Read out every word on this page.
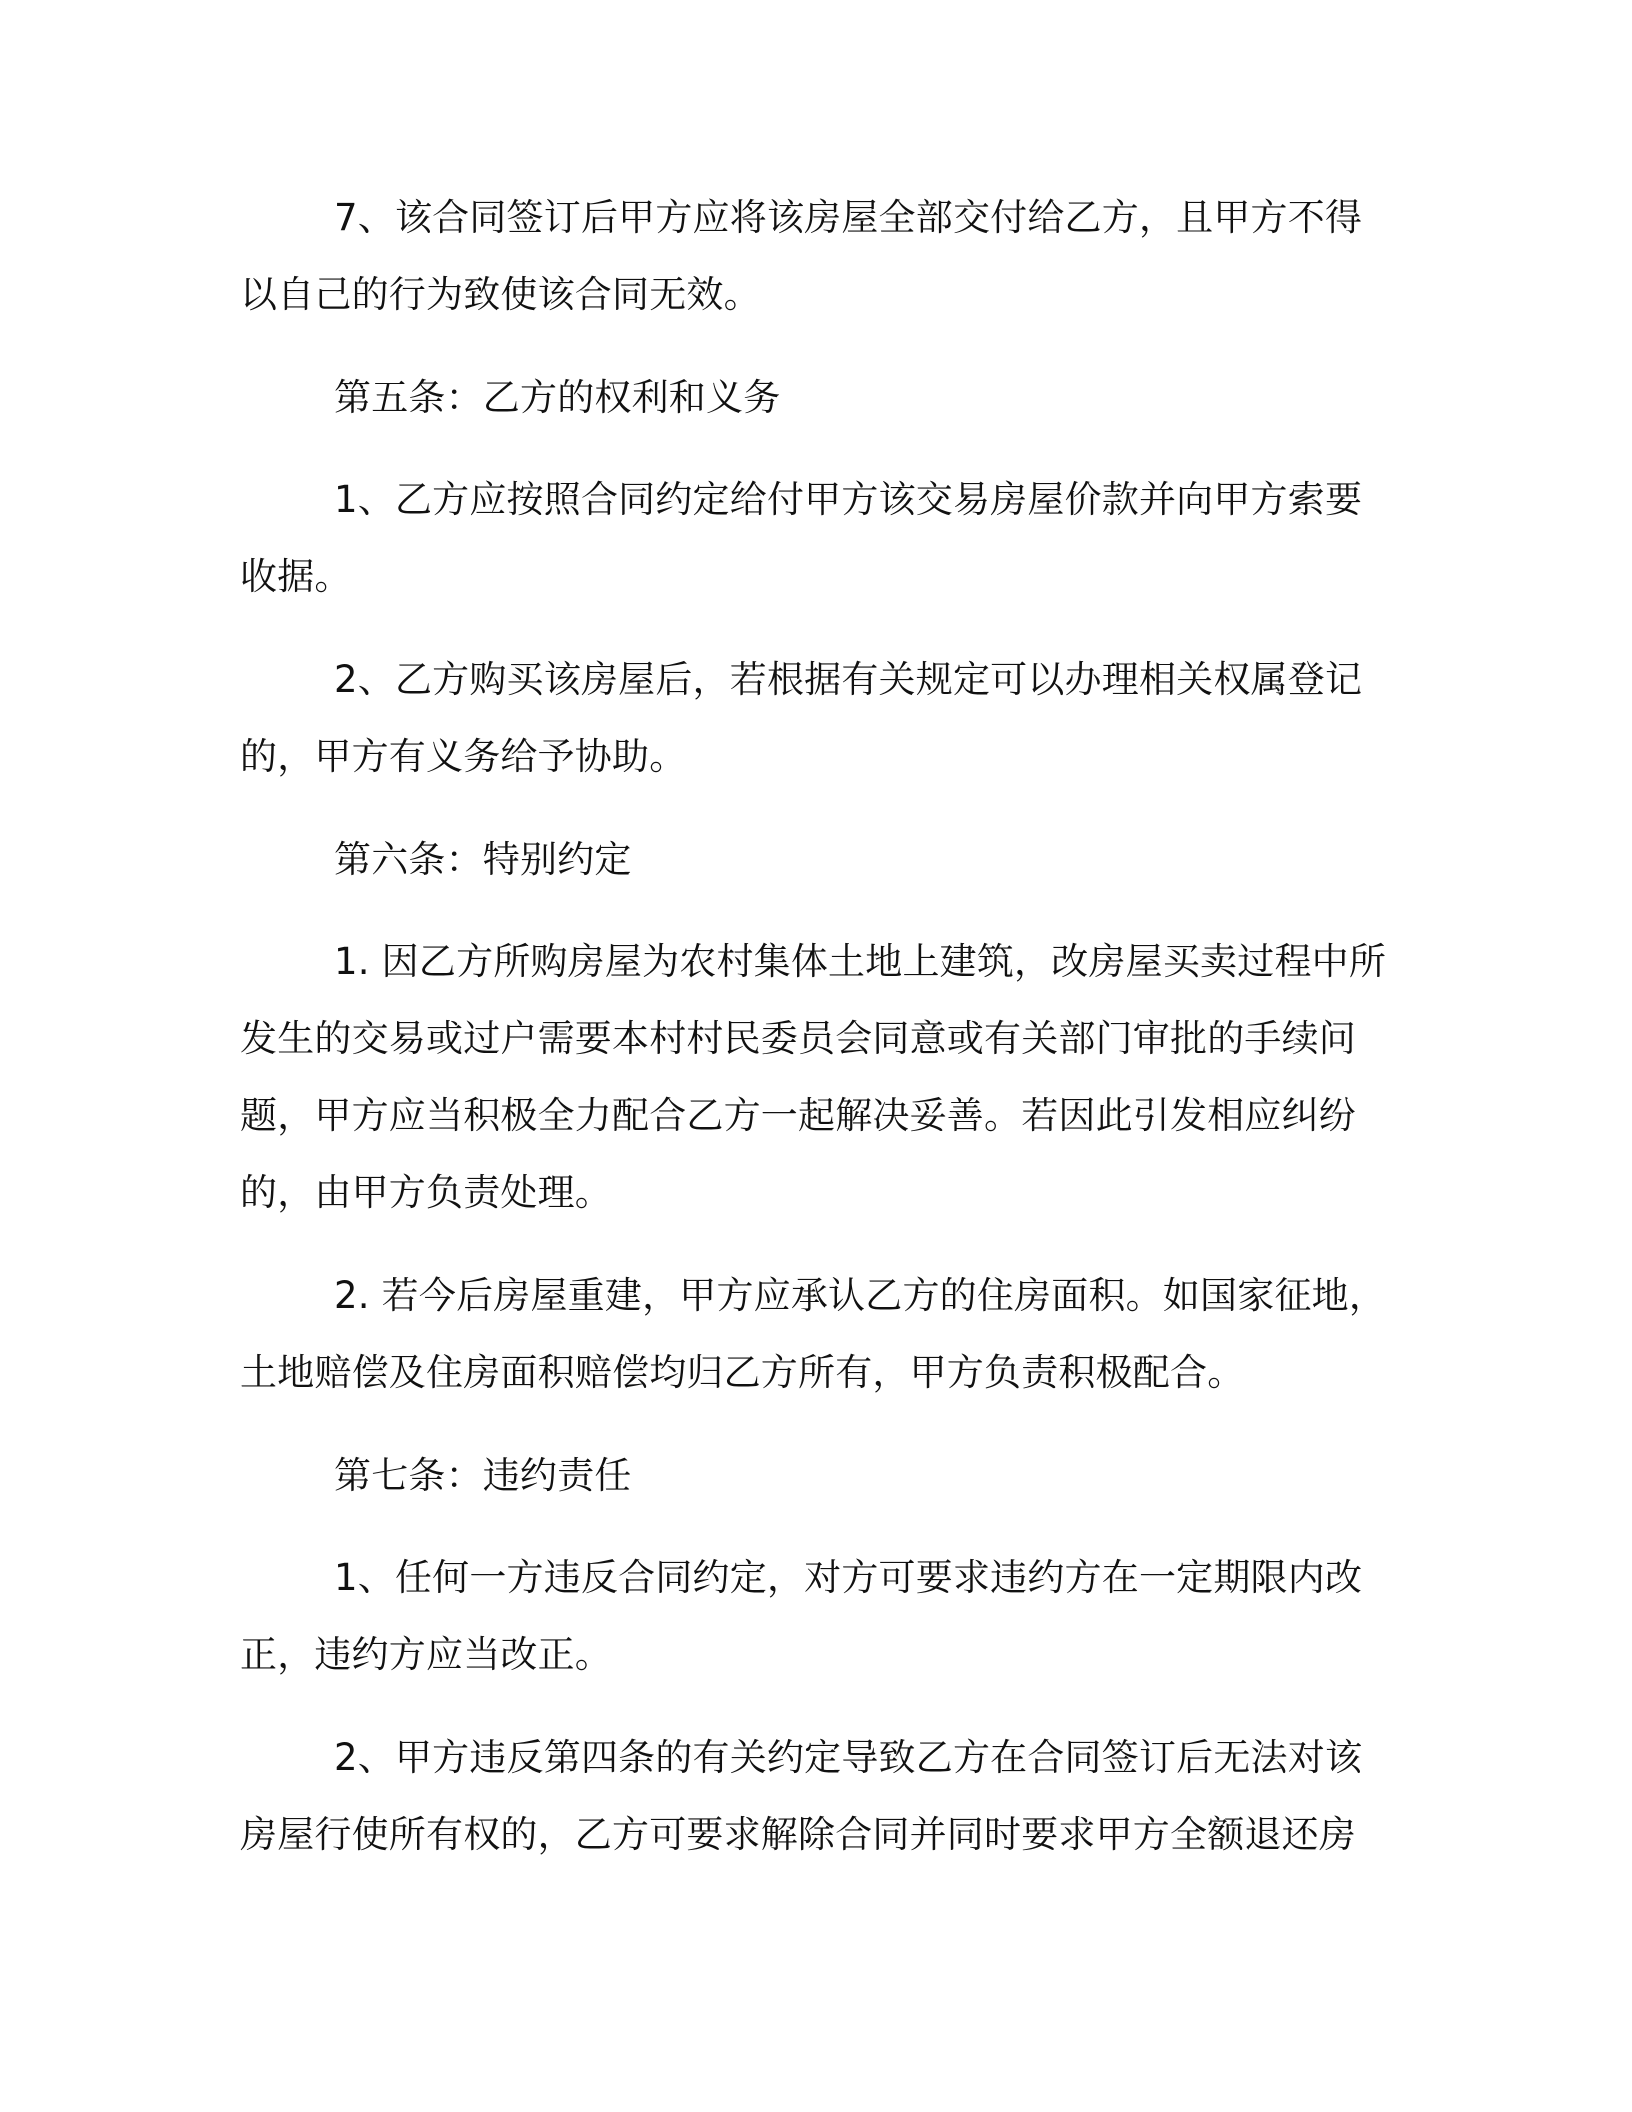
7、该合同签订后甲方应将该房屋全部交付给乙方，且甲方不得
以自己的行为致使该合同无效。
第五条：乙方的权利和义务
1、乙方应按照合同约定给付甲方该交易房屋价款并向甲方索要
收据。
2、乙方购买该房屋后，若根据有关规定可以办理相关权属登记
的，甲方有义务给予协助。
第六条：特别约定
1. 因乙方所购房屋为农村集体土地上建筑，改房屋买卖过程中所
发生的交易或过户需要本村村民委员会同意或有关部门审批的手续问
题，甲方应当积极全力配合乙方一起解决妥善。若因此引发相应纠纷
的，由甲方负责处理。
2. 若今后房屋重建，甲方应承认乙方的住房面积。如国家征地，
土地赔偿及住房面积赔偿均归乙方所有，甲方负责积极配合。
第七条：违约责任
1、任何一方违反合同约定，对方可要求违约方在一定期限内改
正，违约方应当改正。
2、甲方违反第四条的有关约定导致乙方在合同签订后无法对该
房屋行使所有权的，乙方可要求解除合同并同时要求甲方全额退还房
